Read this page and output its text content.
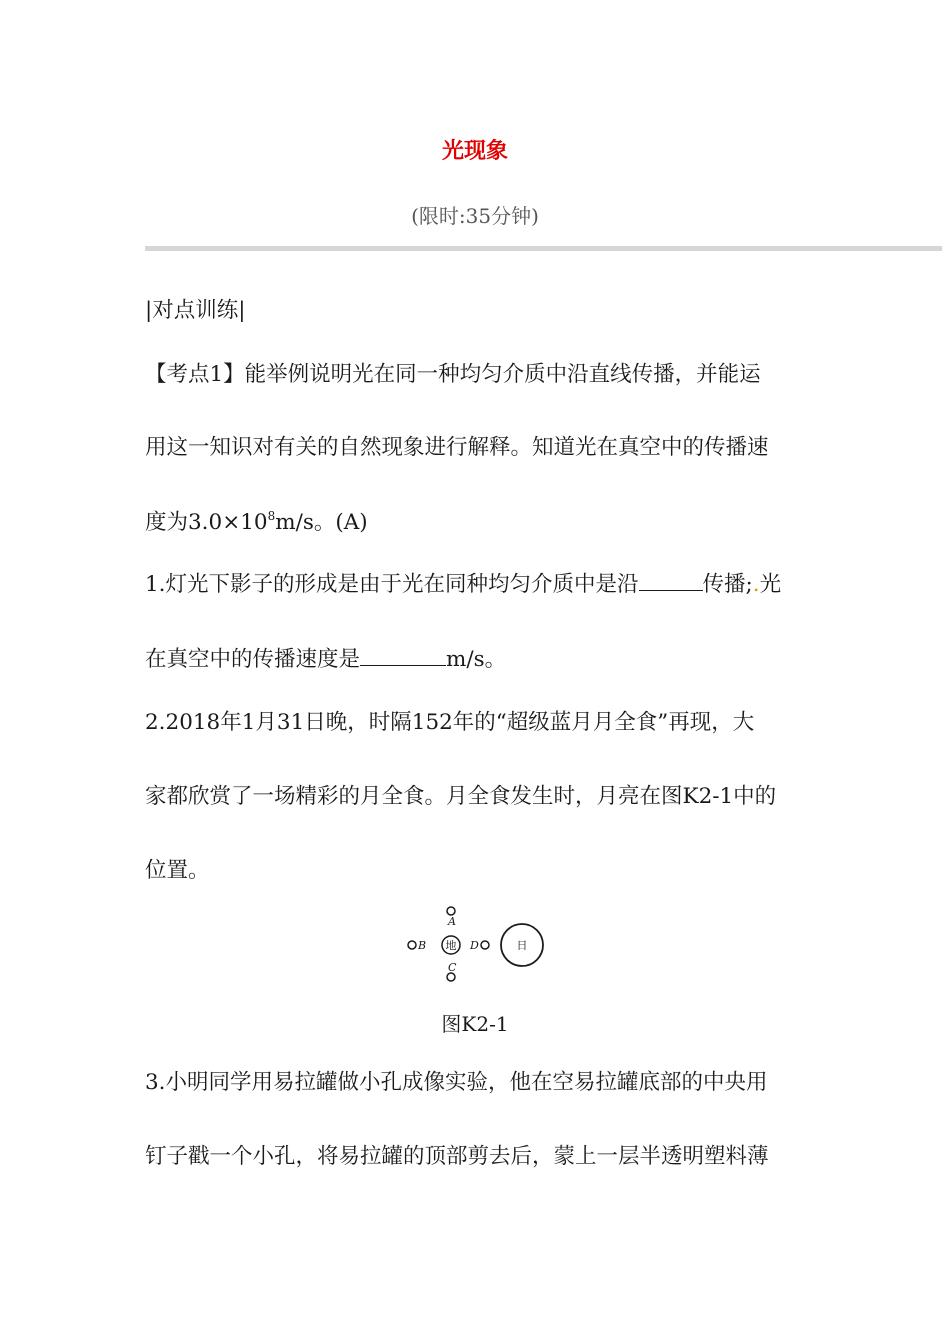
光现象
(限时:35分钟)
|对点训练|
【考点1】能举例说明光在同一种均匀介质中沿直线传播，并能运
用这一知识对有关的自然现象进行解释。知道光在真空中的传播速
度为$3.0\times 10^8m/s$。(A)
1.灯光下影子的形成是由于光在同种均匀介质中是沿	传播;.光
在真空中的传播速度是	m/s。
2.2018年1月31日晚，时隔152年的“超级蓝月月全食”再现，大
家都欣赏了一场精彩的月全食。月全食发生时，月亮在图K2-1中的
位置。
A
B 地 D
C
日
图K2-1
3.小明同学用易拉罐做小孔成像实验，他在空易拉罐底部的中央用
钉子戳一个小孔，将易拉罐的顶部剪去后，蒙上一层半透明塑料薄
